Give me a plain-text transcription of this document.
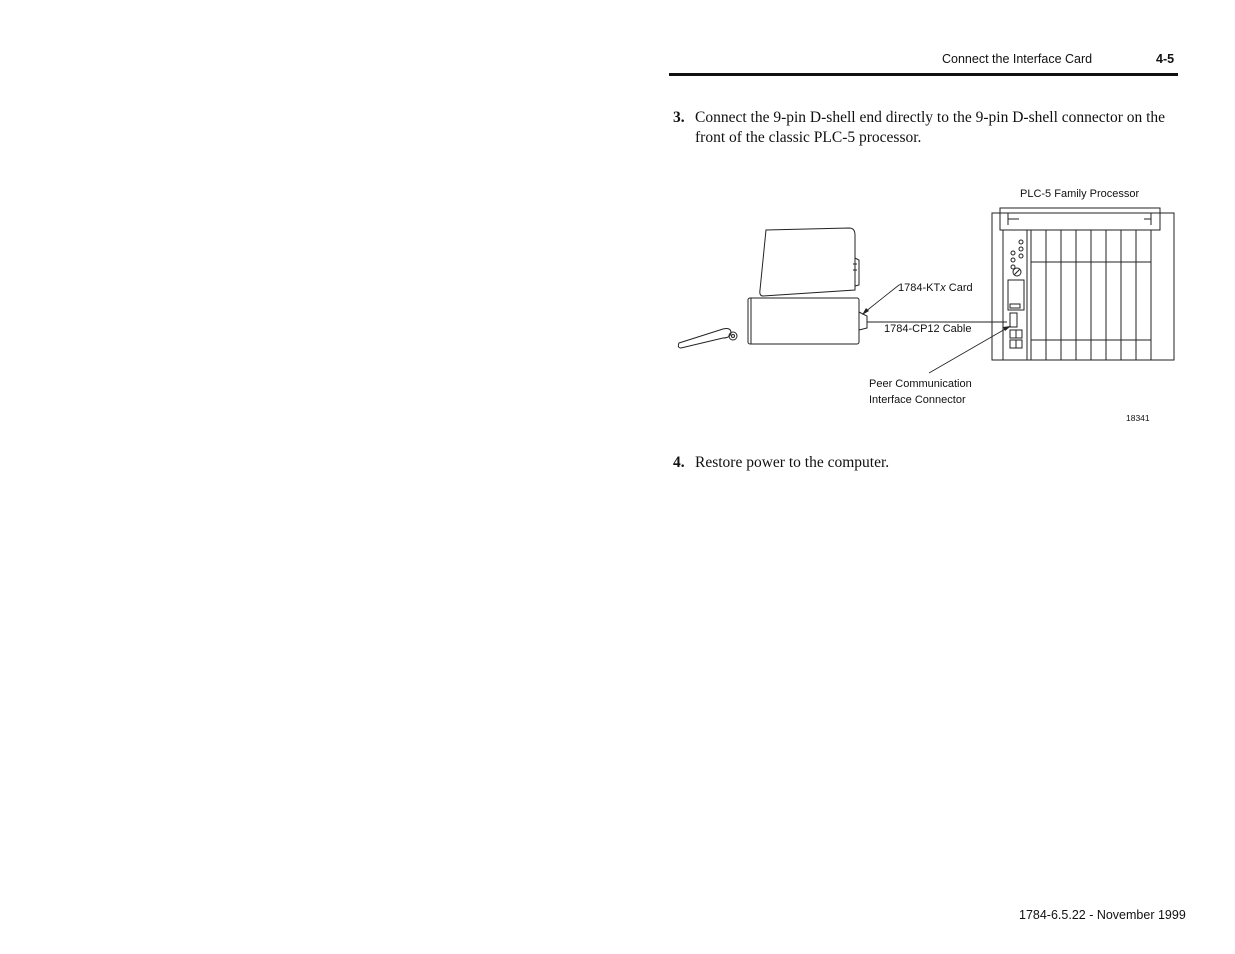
Connect the Interface Card	4-5
3. Connect the 9-pin D-shell end directly to the 9-pin D-shell connector on the front of the classic PLC-5 processor.
PLC-5 Family Processor
1784-KTx Card
1784-CP12 Cable
Peer Communication
Interface Connector
18341
4. Restore power to the computer.
1784-6.5.22 - November 1999
